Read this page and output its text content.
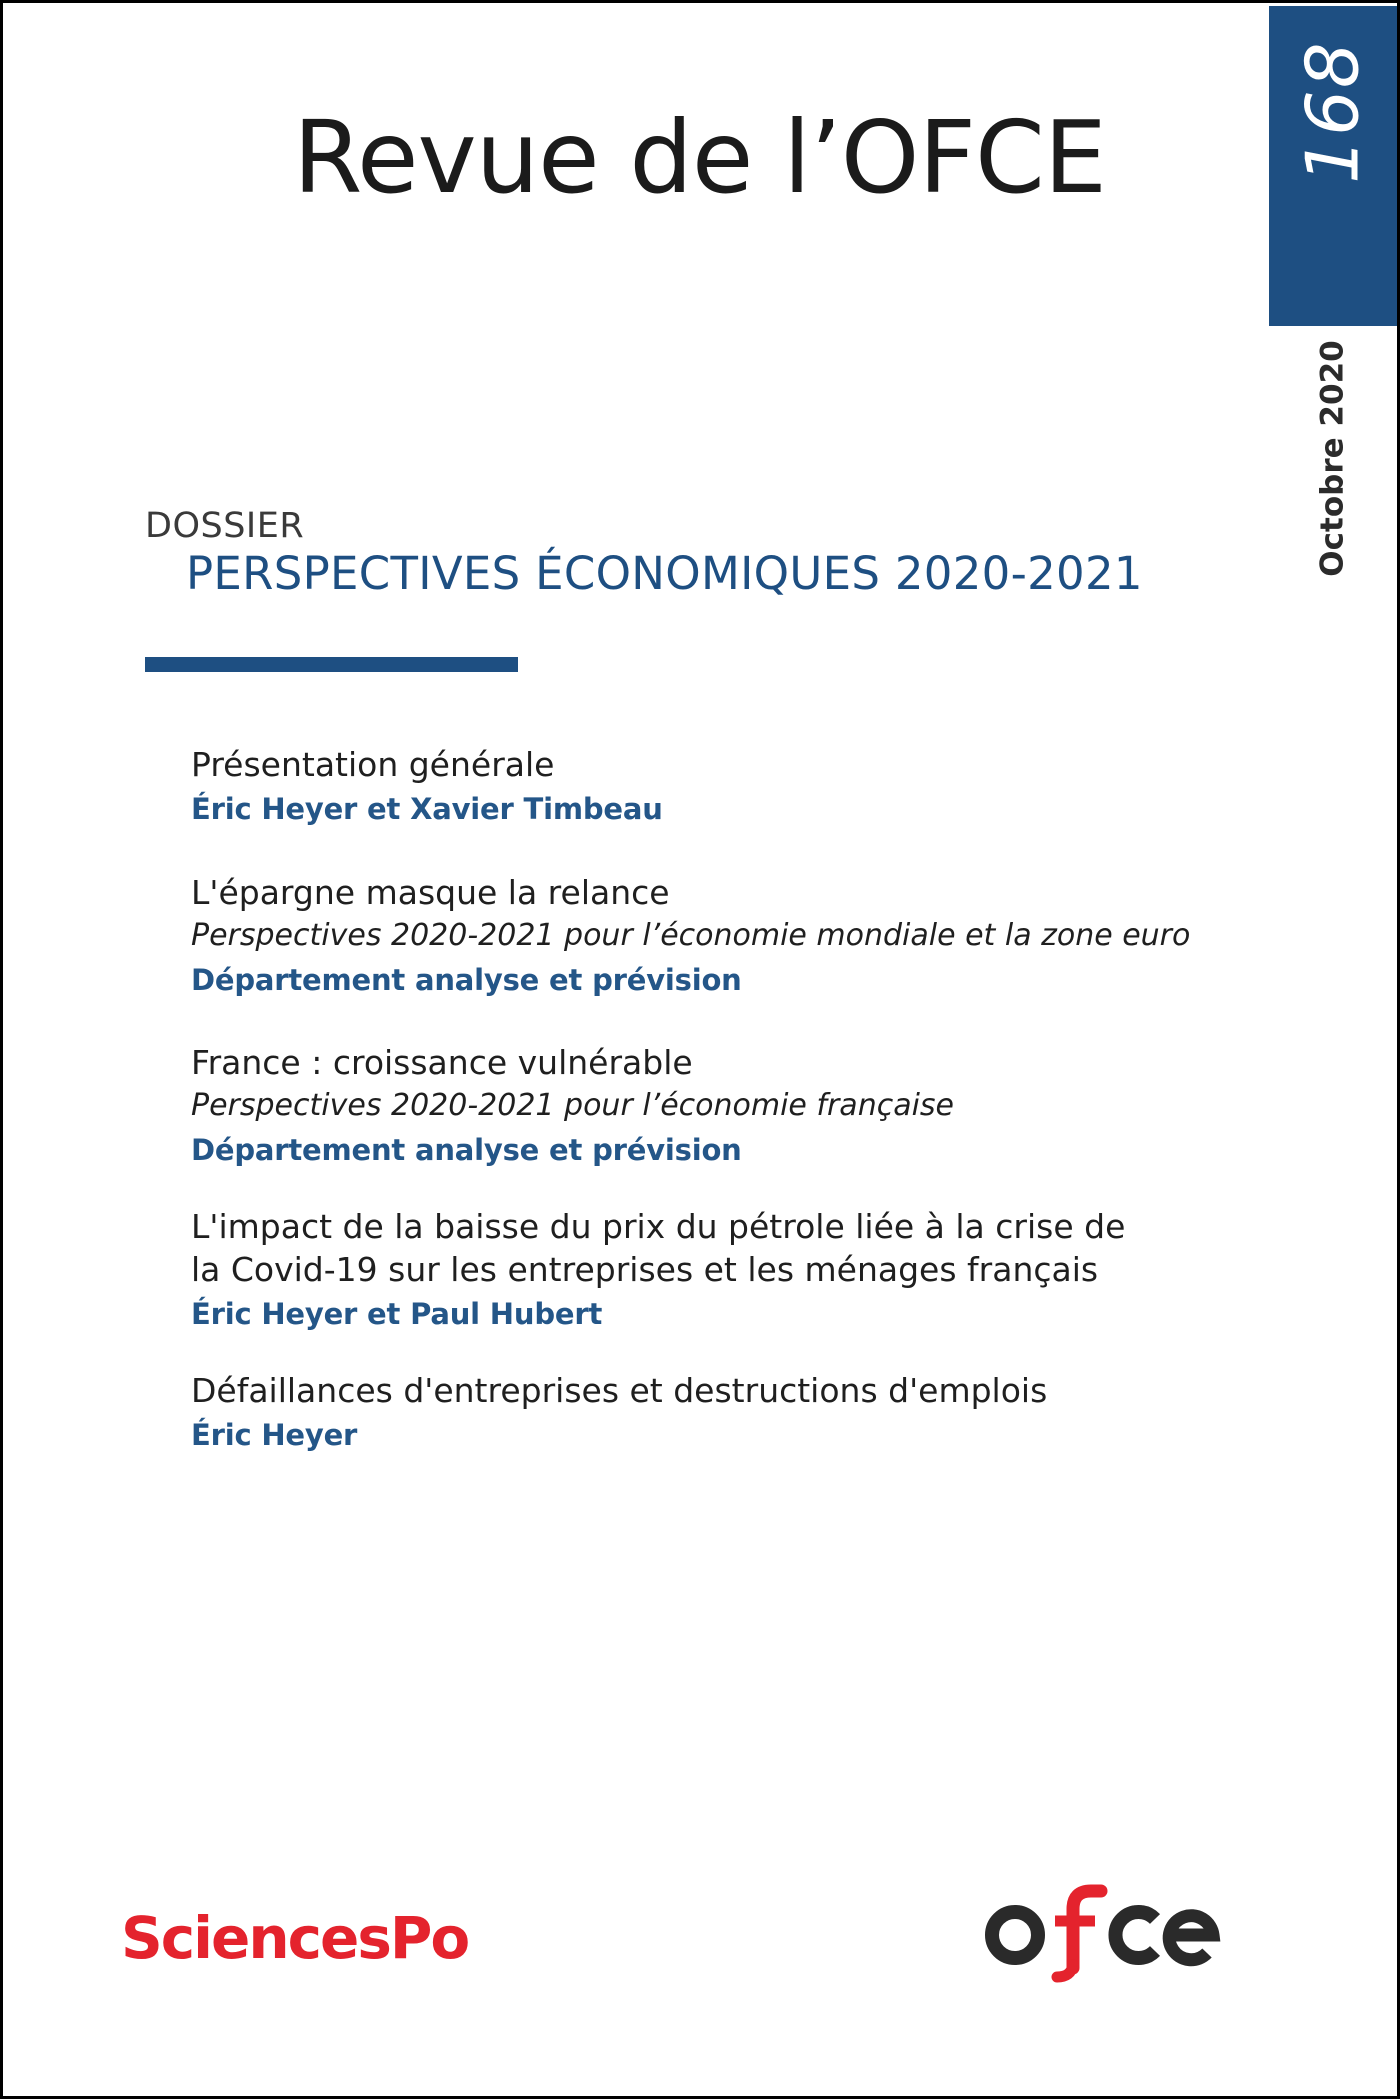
Revue de l’OFCE	168
Octobre 2020
DOSSIER
PERSPECTIVES ÉCONOMIQUES 2020-2021
Présentation générale
Éric Heyer et Xavier Timbeau
L'épargne masque la relance
Perspectives 2020-2021 pour l’économie mondiale et la zone euro
Département analyse et prévision
France : croissance vulnérable
Perspectives 2020-2021 pour l’économie française
Département analyse et prévision
L'impact de la baisse du prix du pétrole liée à la crise de
la Covid-19 sur les entreprises et les ménages français
Éric Heyer et Paul Hubert
Défaillances d'entreprises et destructions d'emplois
Éric Heyer
SciencesPo
